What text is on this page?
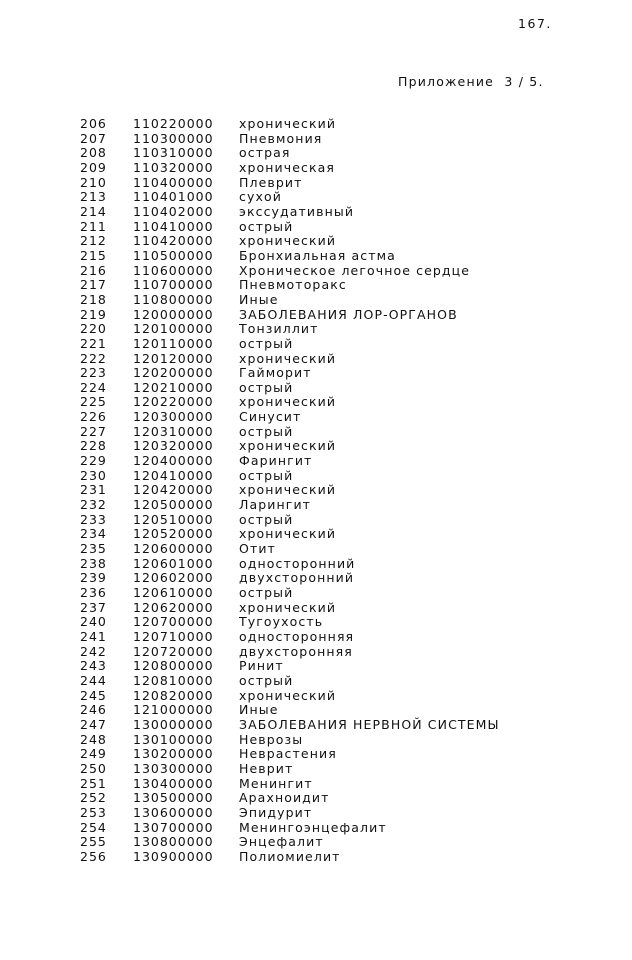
167.
Приложение  3 / 5.
206 110220000 хронический
207 110300000 Пневмония
208 110310000 острая
209 110320000 хроническая
210 110400000 Плеврит
213 110401000 сухой
214 110402000 экссудативный
211 110410000 острый
212 110420000 хронический
215 110500000 Бронхиальная астма
216 110600000 Хроническое легочное сердце
217 110700000 Пневмоторакс
218 110800000 Иные
219 120000000 ЗАБОЛЕВАНИЯ ЛОР-ОРГАНОВ
220 120100000 Тонзиллит
221 120110000 острый
222 120120000 хронический
223 120200000 Гайморит
224 120210000 острый
225 120220000 хронический
226 120300000 Синусит
227 120310000 острый
228 120320000 хронический
229 120400000 Фарингит
230 120410000 острый
231 120420000 хронический
232 120500000 Ларингит
233 120510000 острый
234 120520000 хронический
235 120600000 Отит
238 120601000 односторонний
239 120602000 двухсторонний
236 120610000 острый
237 120620000 хронический
240 120700000 Тугоухость
241 120710000 односторонняя
242 120720000 двухсторонняя
243 120800000 Ринит
244 120810000 острый
245 120820000 хронический
246 121000000 Иные
247 130000000 ЗАБОЛЕВАНИЯ НЕРВНОЙ СИСТЕМЫ
248 130100000 Неврозы
249 130200000 Неврастения
250 130300000 Неврит
251 130400000 Менингит
252 130500000 Арахноидит
253 130600000 Эпидурит
254 130700000 Менингоэнцефалит
255 130800000 Энцефалит
256 130900000 Полиомиелит
